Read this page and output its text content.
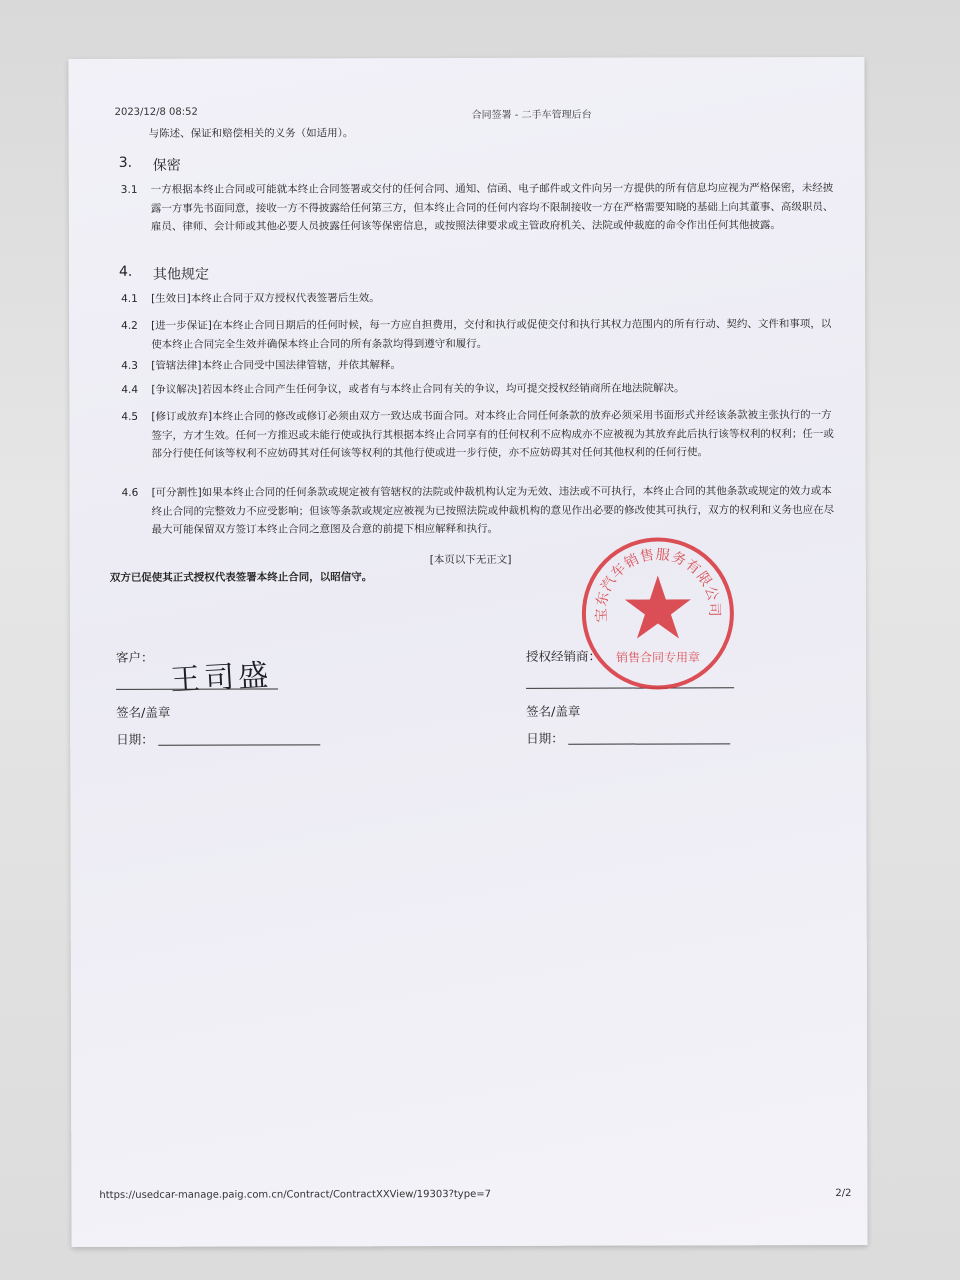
2023/12/8 08:52	合同签署 - 二手车管理后台
与陈述、保证和赔偿相关的义务（如适用）。
3. 保密
3.1	一方根据本终止合同或可能就本终止合同签署或交付的任何合同、通知、信函、电子邮件或文件向另一方提供的所有信息均应视为严格保密，未经披露一方事先书面同意，接收一方不得披露给任何第三方，但本终止合同的任何内容均不限制接收一方在严格需要知晓的基础上向其董事、高级职员、雇员、律师、会计师或其他必要人员披露任何该等保密信息，或按照法律要求或主管政府机关、法院或仲裁庭的命令作出任何其他披露。
4. 其他规定
4.1	[生效日]本终止合同于双方授权代表签署后生效。
4.2	[进一步保证]在本终止合同日期后的任何时候，每一方应自担费用，交付和执行或促使交付和执行其权力范围内的所有行动、契约、文件和事项，以使本终止合同完全生效并确保本终止合同的所有条款均得到遵守和履行。
4.3	[管辖法律]本终止合同受中国法律管辖，并依其解释。
4.4	[争议解决]若因本终止合同产生任何争议，或者有与本终止合同有关的争议，均可提交授权经销商所在地法院解决。
4.5	[修订或放弃]本终止合同的修改或修订必须由双方一致达成书面合同。对本终止合同任何条款的放弃必须采用书面形式并经该条款被主张执行的一方签字，方才生效。任何一方推迟或未能行使或执行其根据本终止合同享有的任何权利不应构成亦不应被视为其放弃此后执行该等权利的权利；任一或部分行使任何该等权利不应妨碍其对任何该等权利的其他行使或进一步行使，亦不应妨碍其对任何其他权利的任何行使。
4.6	[可分割性]如果本终止合同的任何条款或规定被有管辖权的法院或仲裁机构认定为无效、违法或不可执行，本终止合同的其他条款或规定的效力或本终止合同的完整效力不应受影响；但该等条款或规定应被视为已按照法院或仲裁机构的意见作出必要的修改使其可执行，双方的权利和义务也应在尽最大可能保留双方签订本终止合同之意图及合意的前提下相应解释和执行。
[本页以下无正文]
双方已促使其正式授权代表签署本终止合同，以昭信守。
客户：
王司盛
签名/盖章
日期：
授权经销商：
签名/盖章
日期：
宝东汽车销售服务有限公司
销售合同专用章
https://usedcar-manage.paig.com.cn/Contract/ContractXXView/19303?type=7	2/2
